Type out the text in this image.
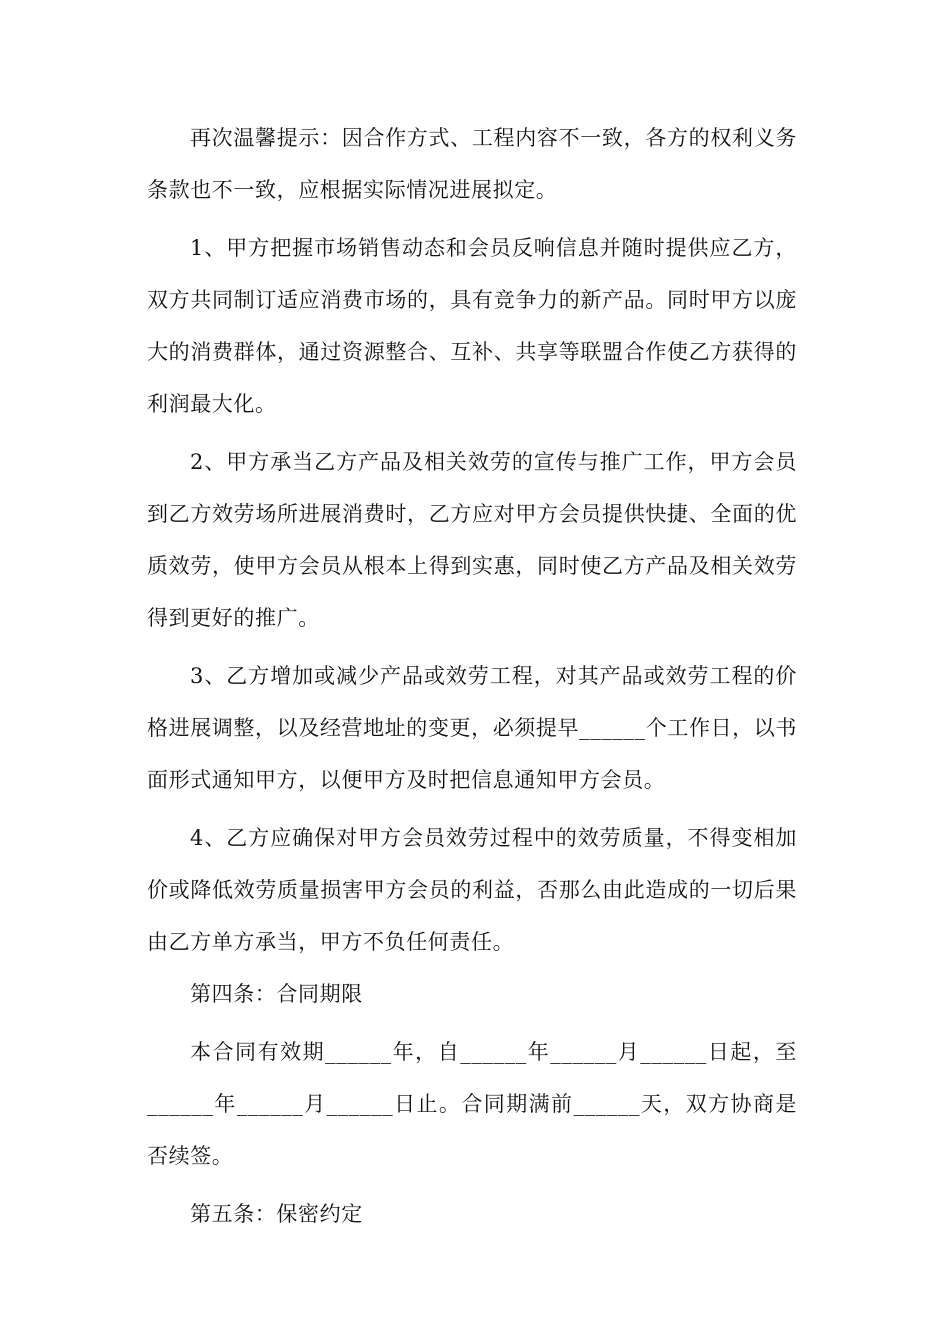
再次温馨提示：因合作方式、工程内容不一致，各方的权利义务条款也不一致，应根据实际情况进展拟定。

1、甲方把握市场销售动态和会员反响信息并随时提供应乙方，双方共同制订适应消费市场的，具有竞争力的新产品。同时甲方以庞大的消费群体，通过资源整合、互补、共享等联盟合作使乙方获得的利润最大化。

2、甲方承当乙方产品及相关效劳的宣传与推广工作，甲方会员到乙方效劳场所进展消费时，乙方应对甲方会员提供快捷、全面的优质效劳，使甲方会员从根本上得到实惠，同时使乙方产品及相关效劳得到更好的推广。

3、乙方增加或减少产品或效劳工程，对其产品或效劳工程的价格进展调整，以及经营地址的变更，必须提早______个工作日，以书面形式通知甲方，以便甲方及时把信息通知甲方会员。

4、乙方应确保对甲方会员效劳过程中的效劳质量，不得变相加价或降低效劳质量损害甲方会员的利益，否那么由此造成的一切后果由乙方单方承当，甲方不负任何责任。

第四条：合同期限

本合同有效期______年，自______年______月______日起，至______年______月______日止。合同期满前______天，双方协商是否续签。

第五条：保密约定
